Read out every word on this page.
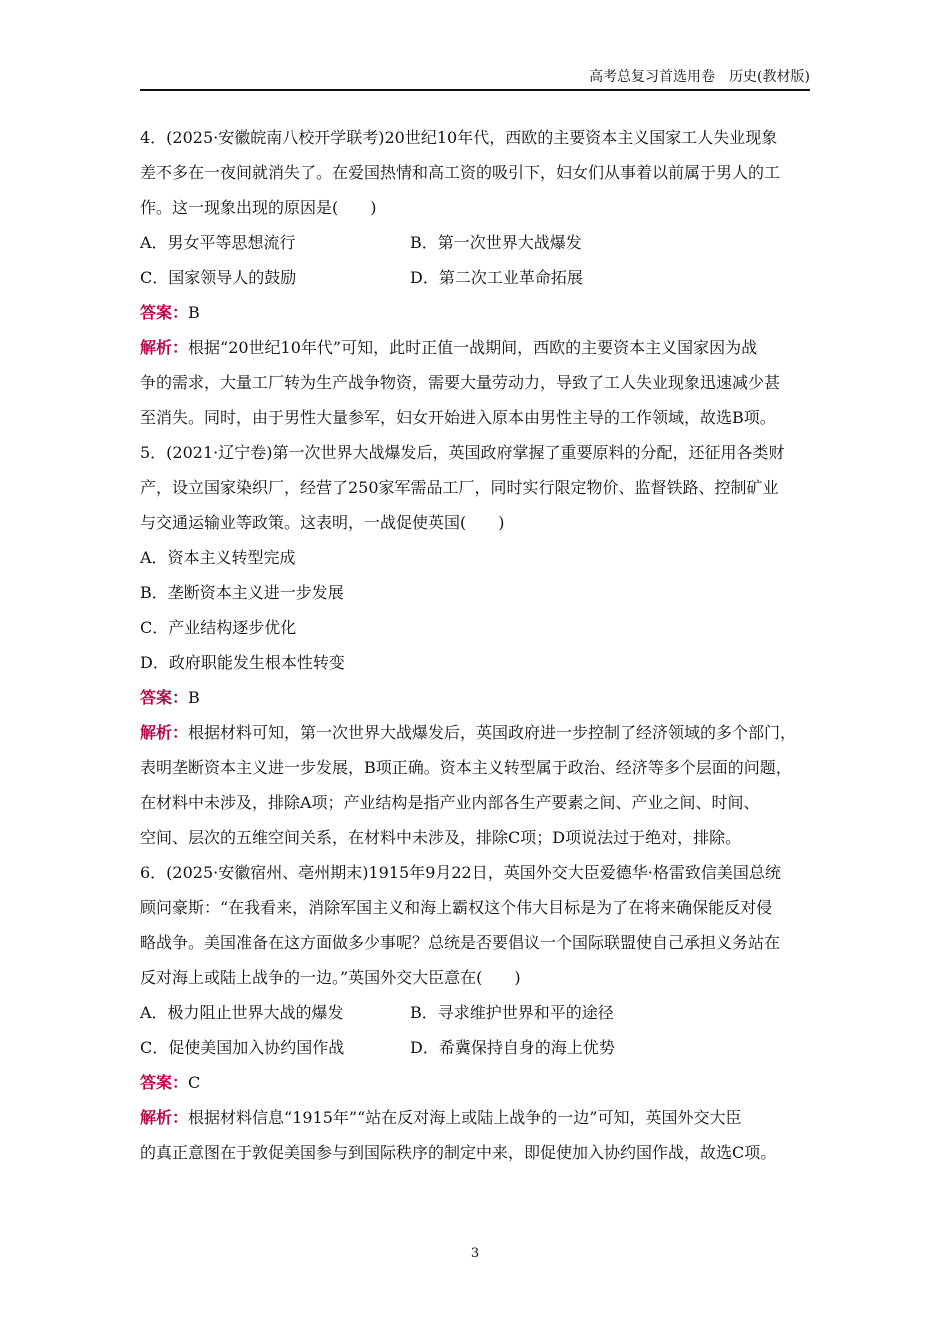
高考总复习首选用卷　历史(教材版)
4．(2025·安徽皖南八校开学联考)20世纪10年代，西欧的主要资本主义国家工人失业现象
差不多在一夜间就消失了。在爱国热情和高工资的吸引下，妇女们从事着以前属于男人的工
作。这一现象出现的原因是(　　)
A．男女平等思想流行	B．第一次世界大战爆发
C．国家领导人的鼓励	D．第二次工业革命拓展
答案：B
解析：根据“20世纪10年代”可知，此时正值一战期间，西欧的主要资本主义国家因为战
争的需求，大量工厂转为生产战争物资，需要大量劳动力，导致了工人失业现象迅速减少甚
至消失。同时，由于男性大量参军，妇女开始进入原本由男性主导的工作领域，故选B项。
5．(2021·辽宁卷)第一次世界大战爆发后，英国政府掌握了重要原料的分配，还征用各类财
产，设立国家染织厂，经营了250家军需品工厂，同时实行限定物价、监督铁路、控制矿业
与交通运输业等政策。这表明，一战促使英国(　　)
A．资本主义转型完成
B．垄断资本主义进一步发展
C．产业结构逐步优化
D．政府职能发生根本性转变
答案：B
解析：根据材料可知，第一次世界大战爆发后，英国政府进一步控制了经济领域的多个部门，
表明垄断资本主义进一步发展，B项正确。资本主义转型属于政治、经济等多个层面的问题，
在材料中未涉及，排除A项；产业结构是指产业内部各生产要素之间、产业之间、时间、
空间、层次的五维空间关系，在材料中未涉及，排除C项；D项说法过于绝对，排除。
6．(2025·安徽宿州、亳州期末)1915年9月22日，英国外交大臣爱德华·格雷致信美国总统
顾问豪斯：“在我看来，消除军国主义和海上霸权这个伟大目标是为了在将来确保能反对侵
略战争。美国准备在这方面做多少事呢？总统是否要倡议一个国际联盟使自己承担义务站在
反对海上或陆上战争的一边。”英国外交大臣意在(　　)
A．极力阻止世界大战的爆发	B．寻求维护世界和平的途径
C．促使美国加入协约国作战	D．希冀保持自身的海上优势
答案：C
解析：根据材料信息“1915年”“站在反对海上或陆上战争的一边”可知，英国外交大臣
的真正意图在于敦促美国参与到国际秩序的制定中来，即促使加入协约国作战，故选C项。
3
